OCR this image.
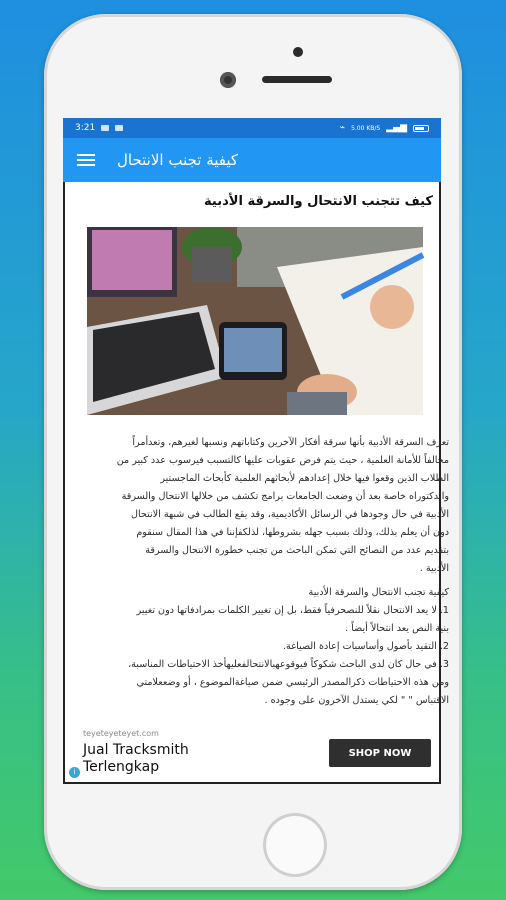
3:21	⌁ 5.00 KB/S ▂▄▆
كيفية تجنب الانتحال
كيف تتجنب الانتحال والسرقة الأدبية
تعرف السرقة الأدبية بأنها سرقة أفكار الآخرين وكتاباتهم ونسبها لغيرهم، وتعدأمراً
مخالفاً للأمانة العلمية ، حيث يتم فرض عقوبات عليها كالتسبب فيرسوب عدد كبير من
الطلاب الذين وقعوا فيها خلال إعدادهم لأبحاثهم العلمية كأبحاث الماجستير
والدكتوراه خاصة بعد أن وضعت الجامعات برامج تكشف من خلالها الانتحال والسرقة
الأدبية في حال وجودها في الرسائل الأكاديمية، وقد يقع الطالب في شبهة الانتحال
دون أن يعلم بذلك، وذلك بسبب جهله بشروطها، لذلكفإننا في هذا المقال سنقوم
بتقديم عدد من النصائح التي تمكن الباحث من تجنب خطورة الانتحال والسرقة
الأدبية .
كيفية تجنب الانتحال والسرقة الأدبية
1. لا يعد الانتحال نقلاً للنصحرفياً فقط، بل إن تغيير الكلمات بمرادفاتها دون تغيير
بنية النص يعد انتحالاً أيضاً .
2. التقيد بأصول وأساسيات إعادة الصياغة.
3. في حال كان لدى الباحث شكوكاً فيوقوعهبالانتحالفعليهأخذ الاحتياطات المناسبة،
ومن هذه الاحتياطات ذكرالمصدر الرئيسي ضمن صياغةالموضوع ، أو وضععلامتي
الاقتباس " " لكي يستدل الآخرون على وجوده .
teyeteyeteyet.com
Jual Tracksmith
Terlengkap
SHOP NOW
i
